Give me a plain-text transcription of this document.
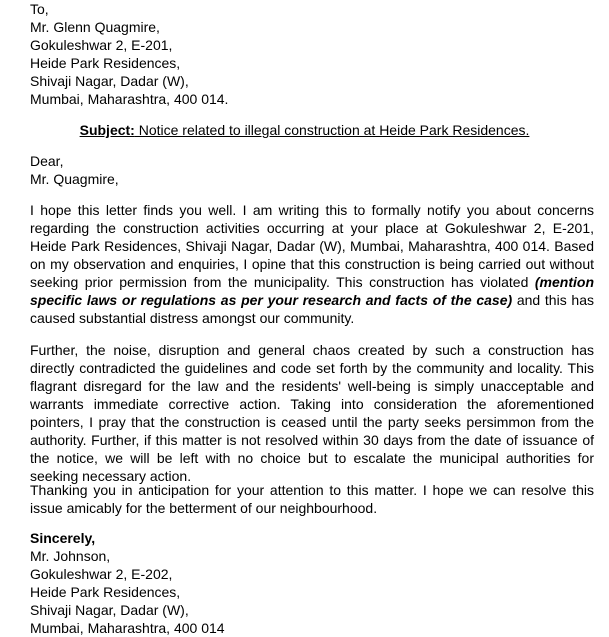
To,
Mr. Glenn Quagmire,
Gokuleshwar 2, E-201,
Heide Park Residences,
Shivaji Nagar, Dadar (W),
Mumbai, Maharashtra, 400 014.
Subject: Notice related to illegal construction at Heide Park Residences.
Dear,
Mr. Quagmire,

I hope this letter finds you well. I am writing this to formally notify you about concerns regarding the construction activities occurring at your place at Gokuleshwar 2, E-201, Heide Park Residences, Shivaji Nagar, Dadar (W), Mumbai, Maharashtra, 400 014. Based on my observation and enquiries, I opine that this construction is being carried out without seeking prior permission from the municipality. This construction has violated (mention specific laws or regulations as per your research and facts of the case) and this has caused substantial distress amongst our community.

Further, the noise, disruption and general chaos created by such a construction has directly contradicted the guidelines and code set forth by the community and locality. This flagrant disregard for the law and the residents' well-being is simply unacceptable and warrants immediate corrective action. Taking into consideration the aforementioned pointers, I pray that the construction is ceased until the party seeks persimmon from the authority. Further, if this matter is not resolved within 30 days from the date of issuance of the notice, we will be left with no choice but to escalate the municipal authorities for seeking necessary action.

Thanking you in anticipation for your attention to this matter. I hope we can resolve this issue amicably for the betterment of our neighbourhood.

Sincerely,
Mr. Johnson,
Gokuleshwar 2, E-202,
Heide Park Residences,
Shivaji Nagar, Dadar (W),
Mumbai, Maharashtra, 400 014
